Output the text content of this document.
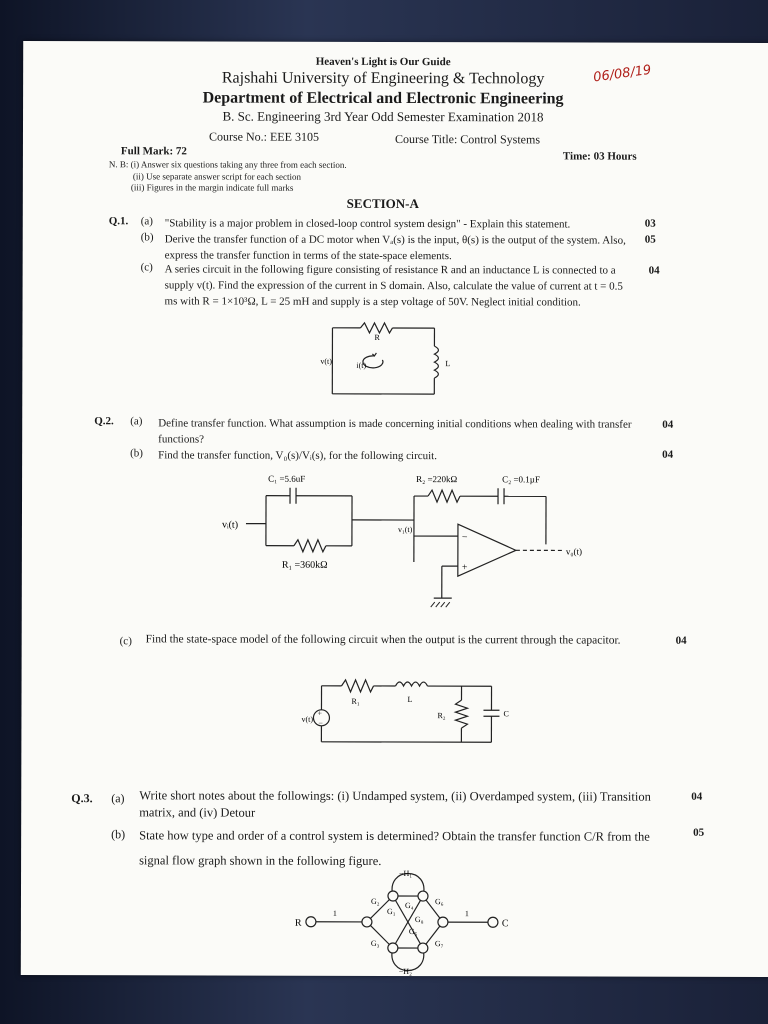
Heaven's Light is Our Guide
Rajshahi University of Engineering & Technology
Department of Electrical and Electronic Engineering
B. Sc. Engineering 3rd Year Odd Semester Examination 2018
06/08/19
Course No.: EEE 3105	Course Title: Control Systems
Full Mark: 72	Time: 03 Hours
N. B: (i) Answer six questions taking any three from each section.
(ii) Use separate answer script for each section
(iii) Figures in the margin indicate full marks
SECTION-A
Q.1. (a) "Stability is a major problem in closed-loop control system design" - Explain this statement.	03
(b) Derive the transfer function of a DC motor when Vₐ(s) is the input, θ(s) is the output of the system. Also, express the transfer function in terms of the state-space elements.
05
(c) A series circuit in the following figure consisting of resistance R and an inductance L is connected to a supply v(t). Find the expression of the current in S domain. Also, calculate the value of current at t = 0.5 ms with R = 1×10³Ω, L = 25 mH and supply is a step voltage of 50V. Neglect initial condition.
04
R
L
v(t)	i(t)
Q.2. (a) Define transfer function. What assumption is made concerning initial conditions when dealing with transfer functions?
04
(b) Find the transfer function, V₀(s)/Vᵢ(s), for the following circuit.	04
C₁ =5.6uF	R₂ =220kΩ	C₂ =0.1µF
R₁ =360kΩ
vᵢ(t)	v₁(t)
v₀(t)
−
+
(c) Find the state-space model of the following circuit when the output is the current through the capacitor.	04
+
−
v(t)
R₁	L
R₂	C
Q.3. (a) Write short notes about the followings: (i) Undamped system, (ii) Overdamped system, (iii) Transition matrix, and (iv) Detour
04
(b) State how type and order of a control system is determined? Obtain the transfer function C/R from the signal flow graph shown in the following figure.
05
R	C
1	1
G₂
G₃
G₁
G₄
G₅
G₈
G₆
G₇
−H₁
−H₂
